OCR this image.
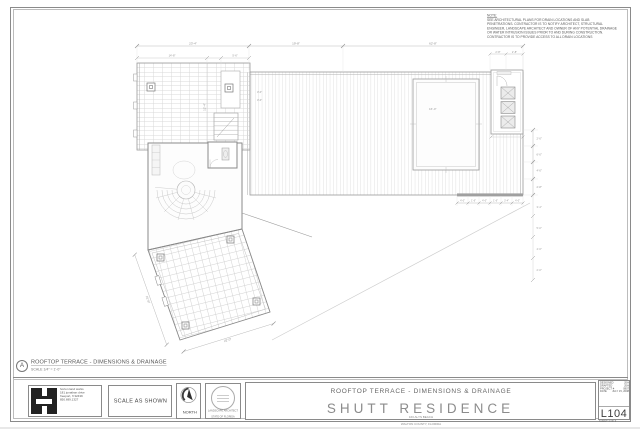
16'-0"
12'-4"
23'-4"	19'-8"	62'-8"
14'-8"	5'-6"
2'-8"	2'-8"
2'-0"
6'-0"
4'-0"
2'-8"
3'-4"
5'-0"
4'-6"
2'-0"
4'-0"	1'-6"	4'-0"	1'-6"	3'-4"	4'-0"
3'-0"
3'-0"
21'-6"
22'-0"
NOTE:
SEE ARCHITECTURAL PLANS FOR DRAIN LOCATIONS AND SLAB
PENETRATIONS. CONTRACTOR IS TO NOTIFY ARCHITECT, STRUCTURAL
ENGINEER, LANDSCAPE ARCHITECT AND OWNER OF ANY POTENTIAL DRAINAGE
OR WATER INTRUSION ISSUES PRIOR TO AND DURING CONSTRUCTION.
CONTRACTOR IS TO PROVIDE ACCESS TO ALL DRAIN LOCATIONS
A
ROOFTOP TERRACE - DIMENSIONS & DRAINAGE
SCALE 1/4" = 1'-0"
horton land works
181 jonathan drive
freeport, fl 32439
850.699.1327	SCALE AS SHOWN
NORTH	LANDSCAPE ARCHITECT
STATE OF FLORIDA
ROOFTOP TERRACE - DIMENSIONS & DRAINAGE
SHUTT RESIDENCE
160 ALYS BEACH
WALTON COUNTY, FLORIDA
DESIGNED JDH
DRAFTED JDH
PROJECT # 0807
DATE JULY 15, 2008
L104
SHEET 4 OF 9
